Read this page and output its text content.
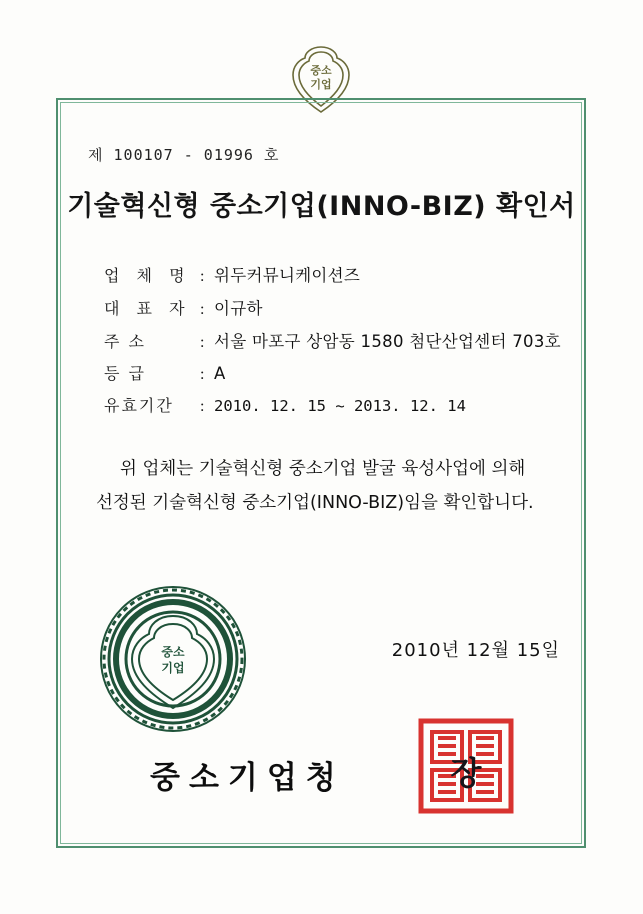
중소
기업
제 100107 - 01996 호
기술혁신형 중소기업(INNO-BIZ) 확인서
업 체 명 : 위두커뮤니케이션즈
대 표 자 : 이규하
주 소	: 서울 마포구 상암동 1580 첨단산업센터 703호
등 급	: A
유효기간	: 2010. 12. 15 ~ 2013. 12. 14
위 업체는 기술혁신형 중소기업 발굴 육성사업에 의해 선정된 기술혁신형 중소기업(INNO-BIZ)임을 확인합니다.
중소
기업
2010년 12월 15일
중소기업청	장
